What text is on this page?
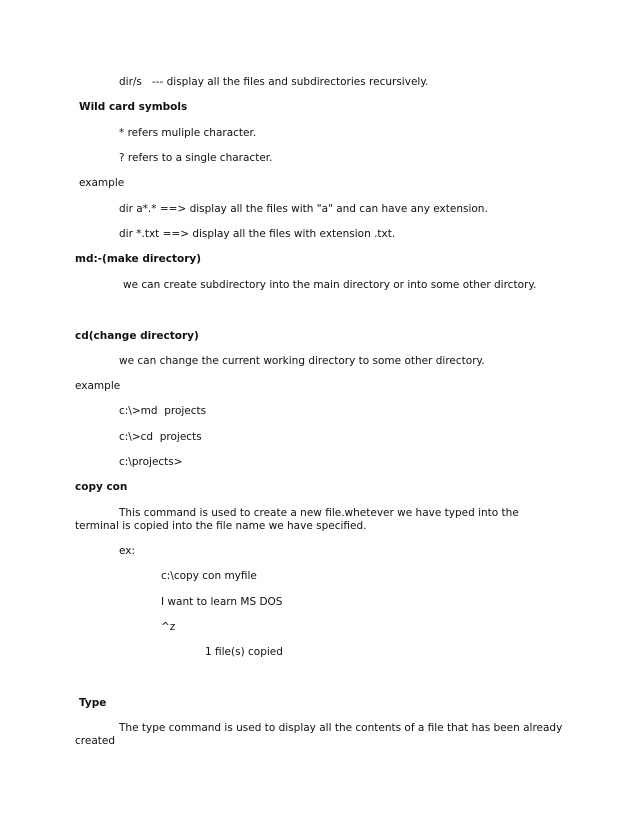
dir/s   --- display all the files and subdirectories recursively.
Wild card symbols
* refers muliple character.
? refers to a single character.
example
dir a*.* ==> display all the files with "a" and can have any extension.
dir *.txt ==> display all the files with extension .txt.
md:-(make directory)
we can create subdirectory into the main directory or into some other dirctory.
cd(change directory)
we can change the current working directory to some other directory.
example
c:\>md  projects
c:\>cd  projects
c:\projects>
copy con
This command is used to create a new file.whetever we have typed into the
terminal is copied into the file name we have specified.
ex:
c:\copy con myfile
I want to learn MS DOS
^z
1 file(s) copied
Type
The type command is used to display all the contents of a file that has been already
created
